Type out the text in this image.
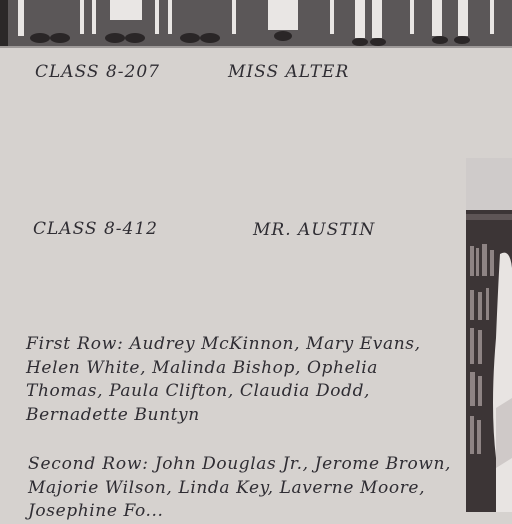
CLASS 8-207	MISS ALTER
CLASS 8-412	MR. AUSTIN

First Row: Audrey McKinnon, Mary Evans, Helen White, Malinda Bishop, Ophelia Thomas, Paula Clifton, Claudia Dodd, Bernadette Buntyn

Second Row: John Douglas Jr., Jerome Brown, Majorie Wilson, Linda Key, Laverne Moore, Josephine Fo...
